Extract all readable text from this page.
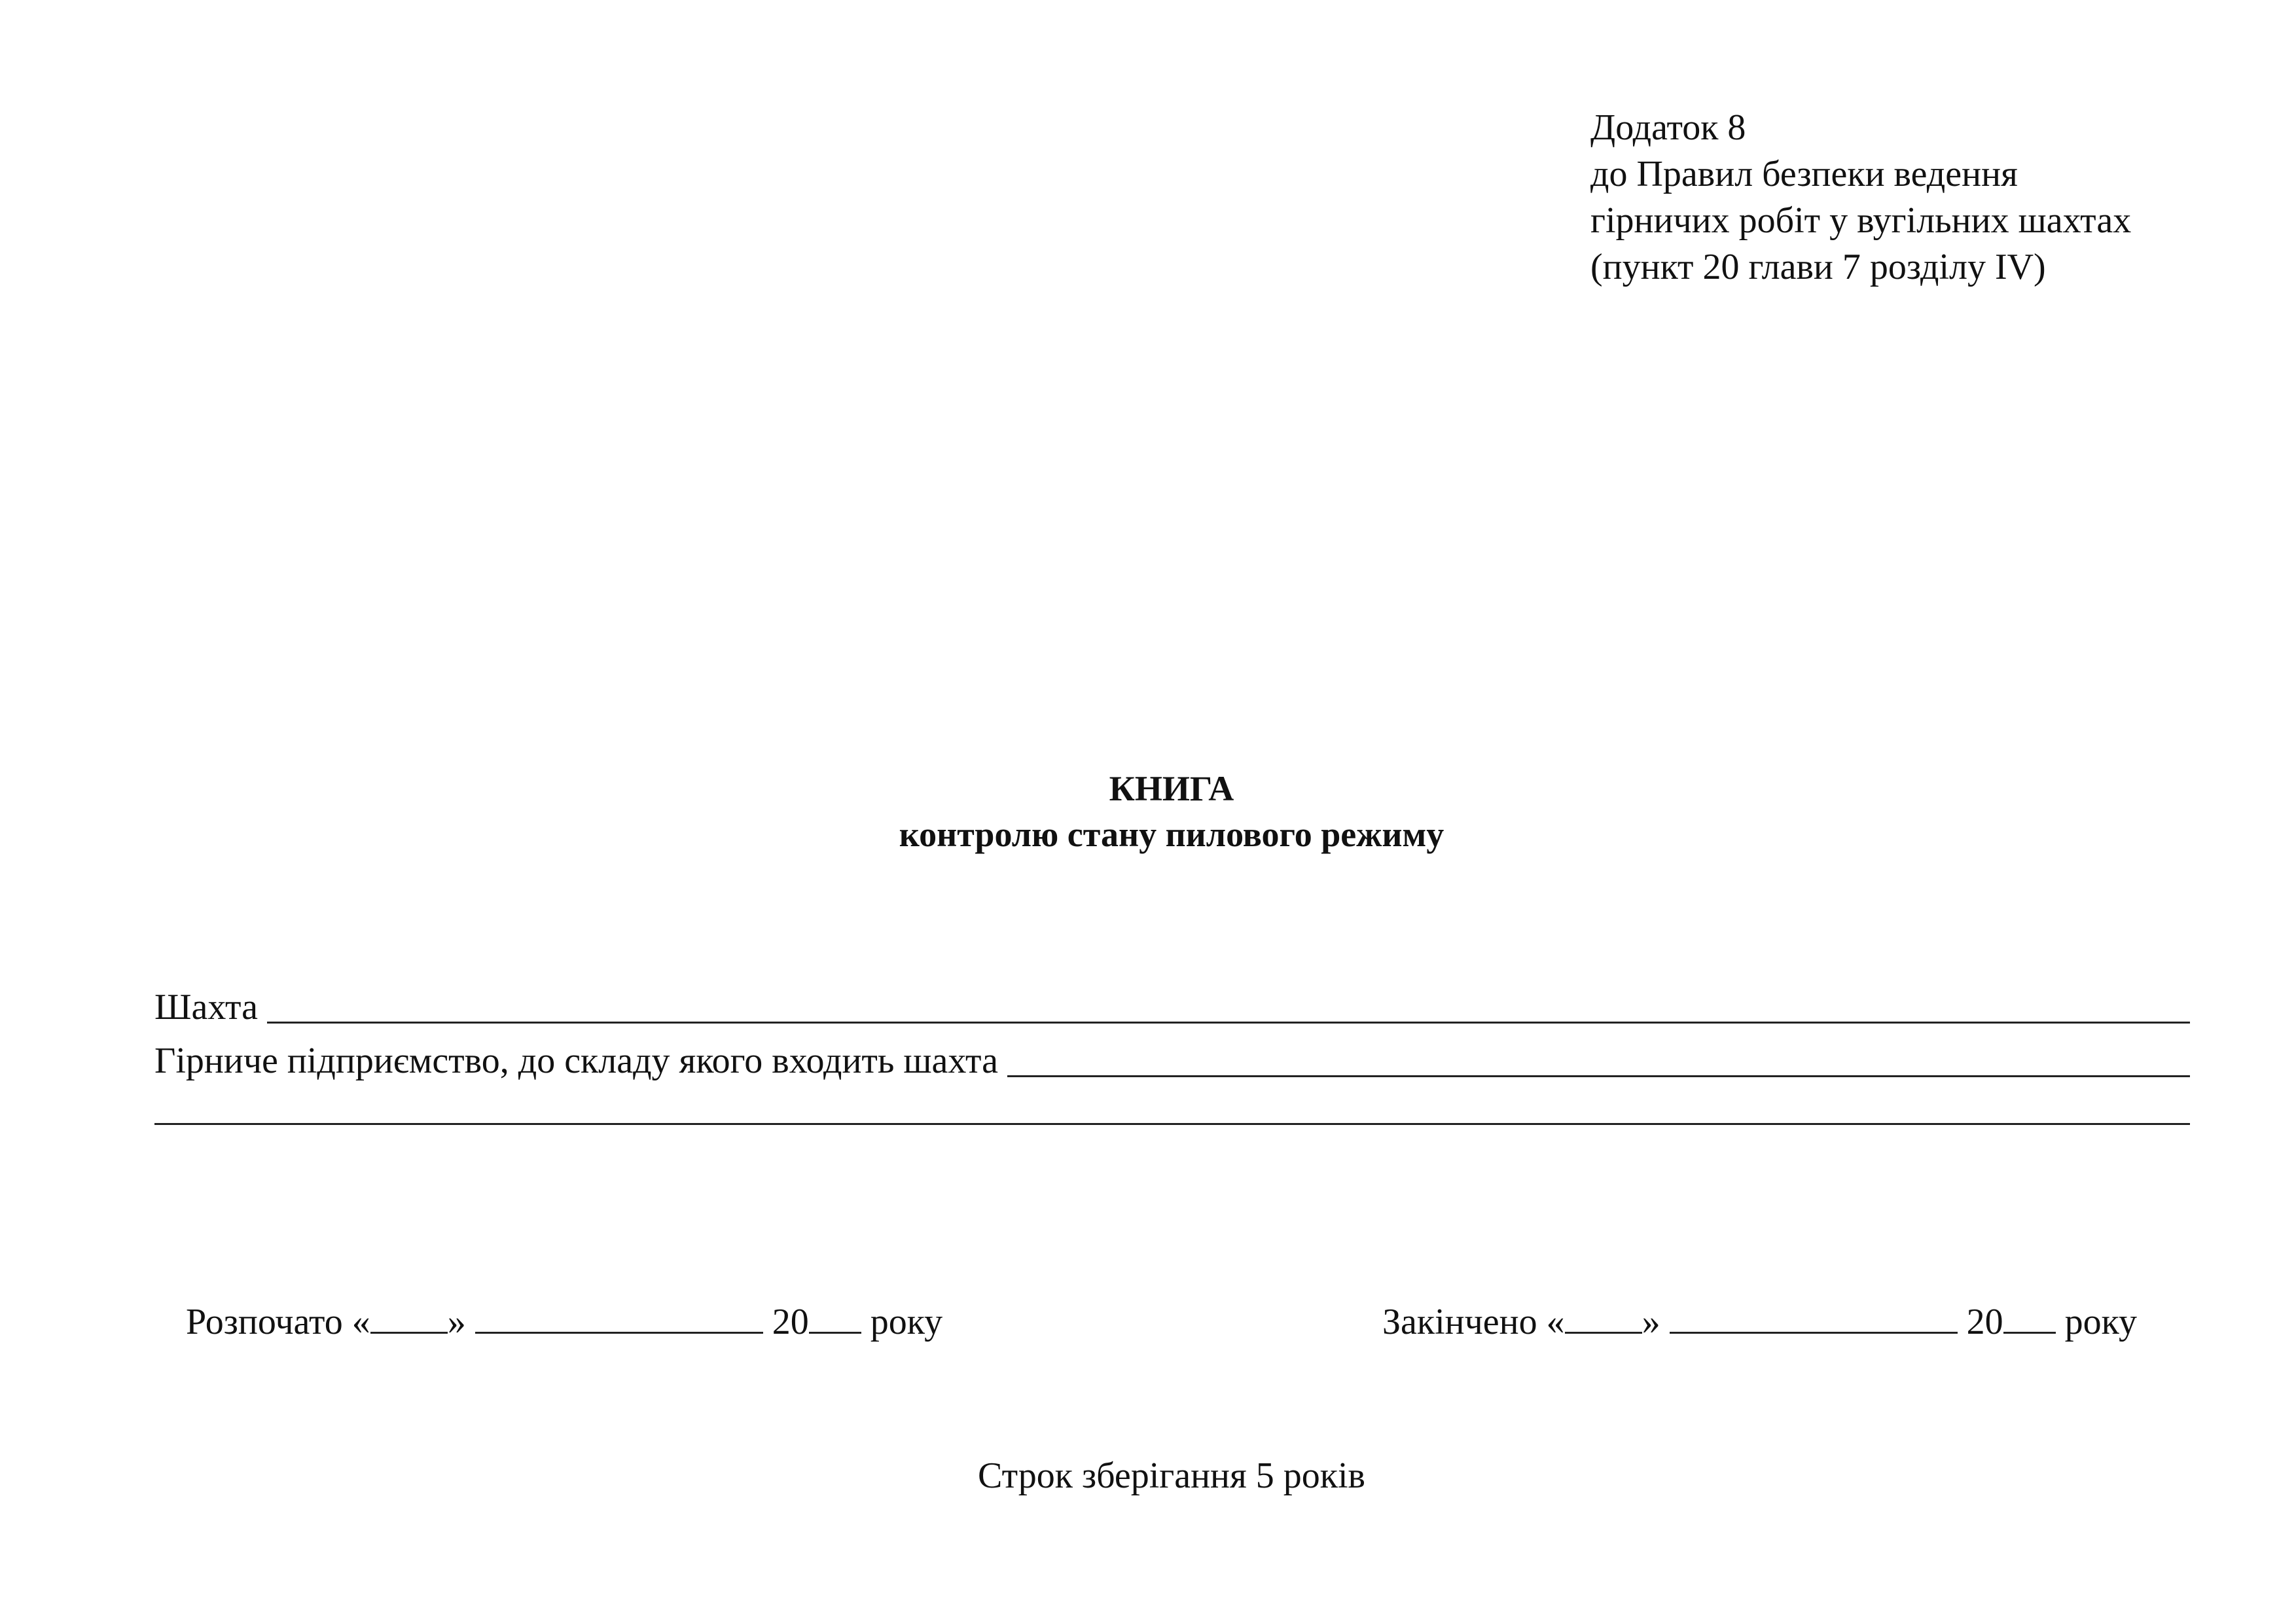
Додаток 8
до Правил безпеки ведення
гірничих робіт у вугільних шахтах
(пункт 20 глави 7 розділу IV)
КНИГА
контролю стану пилового режиму
Шахта
Гірниче підприємство, до складу якого входить шахта
Розпочато « »	20 року	Закінчено « »	20 року
Строк зберігання 5 років
